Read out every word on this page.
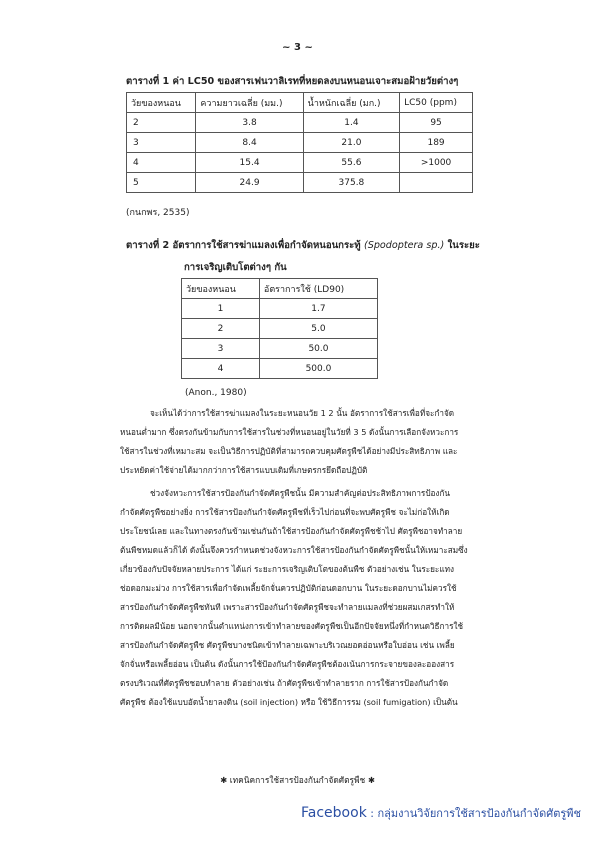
~ 3 ~
ตารางที่ 1 ค่า LC50 ของสารเฟนวาลิเรทที่หยดลงบนหนอนเจาะสมอฝ้ายวัยต่างๆ
วัยของหนอน	ความยาวเฉลี่ย (มม.)	น้ำหนักเฉลี่ย (มก.)	LC50 (ppm)
2	3.8	1.4	95
3	8.4	21.0	189
4	15.4	55.6	>1000
5	24.9	375.8	
(กนกพร, 2535)
ตารางที่ 2 อัตราการใช้สารฆ่าแมลงเพื่อกำจัดหนอนกระทู้ (Spodoptera sp.) ในระยะ
การเจริญเติบโตต่างๆ กัน
วัยของหนอน	อัตราการใช้ (LD90)
1	1.7
2	5.0
3	50.0
4	500.0
(Anon., 1980)
จะเห็นได้ว่าการใช้สารฆ่าแมลงในระยะหนอนวัย 1 2 นั้น อัตราการใช้สารเพื่อที่จะกำจัด
หนอนต่ำมาก ซึ่งตรงกันข้ามกับการใช้สารในช่วงที่หนอนอยู่ในวัยที่ 3 5 ดังนั้นการเลือกจังหวะการ
ใช้สารในช่วงที่เหมาะสม จะเป็นวิธีการปฏิบัติที่สามารถควบคุมศัตรูพืชได้อย่างมีประสิทธิภาพ และ
ประหยัดค่าใช้จ่ายได้มากกว่าการใช้สารแบบเดิมที่เกษตรกรยึดถือปฏิบัติ
ช่วงจังหวะการใช้สารป้องกันกำจัดศัตรูพืชนั้น มีความสำคัญต่อประสิทธิภาพการป้องกัน
กำจัดศัตรูพืชอย่างยิ่ง การใช้สารป้องกันกำจัดศัตรูพืชที่เร็วไปก่อนที่จะพบศัตรูพืช จะไม่ก่อให้เกิด
ประโยชน์เลย และในทางตรงกันข้ามเช่นกันถ้าใช้สารป้องกันกำจัดศัตรูพืชช้าไป ศัตรูพืชอาจทำลาย
ต้นพืชหมดแล้วก็ได้ ดังนั้นจึงควรกำหนดช่วงจังหวะการใช้สารป้องกันกำจัดศัตรูพืชนั้นให้เหมาะสมซึ่ง
เกี่ยวข้องกับปัจจัยหลายประการ ได้แก่ ระยะการเจริญเติบโตของต้นพืช ตัวอย่างเช่น ในระยะแทง
ช่อดอกมะม่วง การใช้สารเพื่อกำจัดเพลี้ยจักจั่นควรปฏิบัติก่อนดอกบาน ในระยะดอกบานไม่ควรใช้
สารป้องกันกำจัดศัตรูพืชทันที เพราะสารป้องกันกำจัดศัตรูพืชจะทำลายแมลงที่ช่วยผสมเกสรทำให้
การติดผลมีน้อย นอกจากนั้นตำแหน่งการเข้าทำลายของศัตรูพืชเป็นอีกปัจจัยหนึ่งที่กำหนดวิธีการใช้
สารป้องกันกำจัดศัตรูพืช ศัตรูพืชบางชนิดเข้าทำลายเฉพาะบริเวณยอดอ่อนหรือใบอ่อน เช่น เพลี้ย
จักจั่นหรือเพลี้ยอ่อน เป็นต้น ดังนั้นการใช้ป้องกันกำจัดศัตรูพืชต้องเน้นการกระจายของละอองสาร
ตรงบริเวณที่ศัตรูพืชชอบทำลาย ตัวอย่างเช่น ถ้าศัตรูพืชเข้าทำลายราก การใช้สารป้องกันกำจัด
ศัตรูพืช ต้องใช้แบบอัดน้ำยาลงดิน (soil injection) หรือ ใช้วิธีการรม (soil fumigation) เป็นต้น
✱ เทคนิคการใช้สารป้องกันกำจัดศัตรูพืช ✱
Facebook : กลุ่มงานวิจัยการใช้สารป้องกันกำจัดศัตรูพืช
